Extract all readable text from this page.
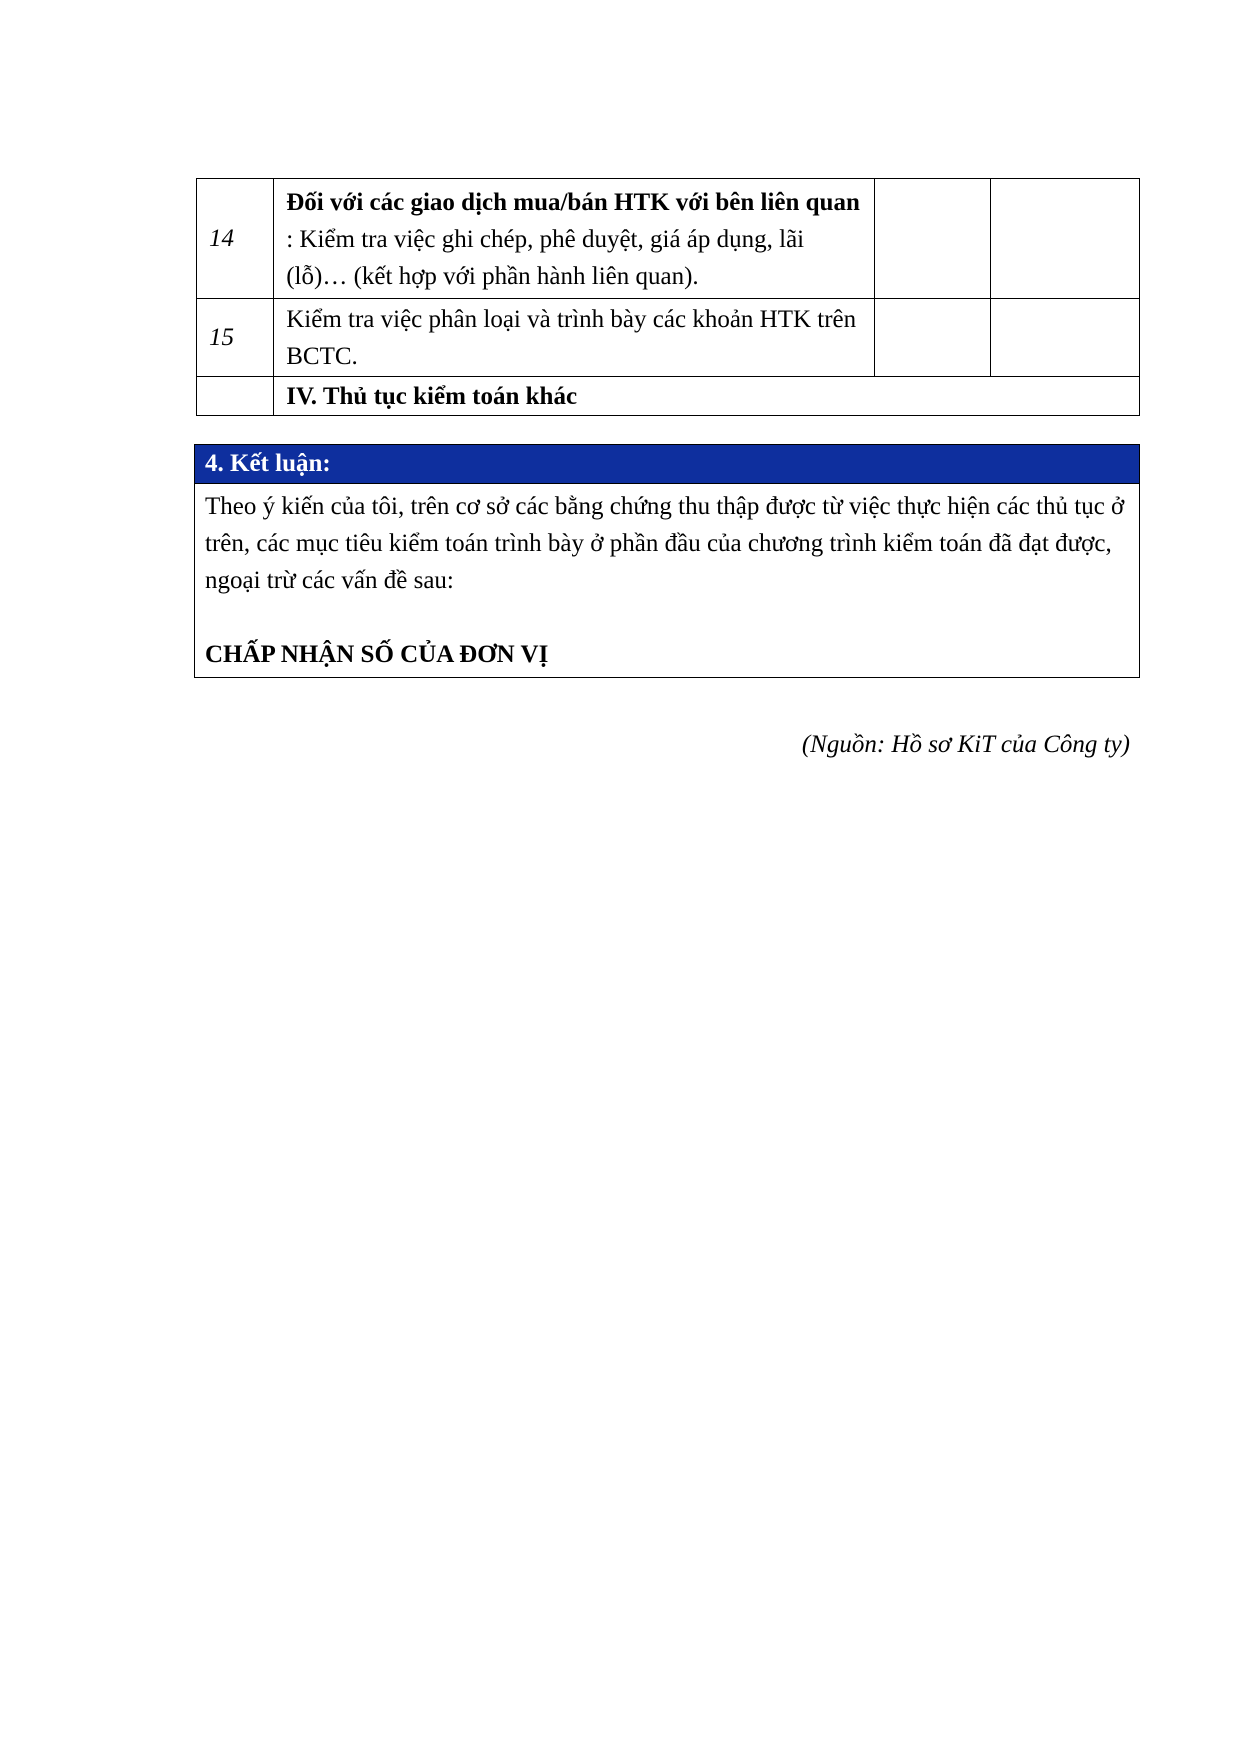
14	Đối với các giao dịch mua/bán HTK với bên liên quan : Kiểm tra việc ghi chép, phê duyệt, giá áp dụng, lãi (lỗ)… (kết hợp với phần hành liên quan).		
15	Kiểm tra việc phân loại và trình bày các khoản HTK trên BCTC.		
	IV. Thủ tục kiểm toán khác		
4. Kết luận:
Theo ý kiến của tôi, trên cơ sở các bằng chứng thu thập được từ việc thực hiện các thủ tục ở trên, các mục tiêu kiểm toán trình bày ở phần đầu của chương trình kiểm toán đã đạt được, ngoại trừ các vấn đề sau:
CHẤP NHẬN SỐ CỦA ĐƠN VỊ
(Nguồn: Hồ sơ KiT của Công ty)
